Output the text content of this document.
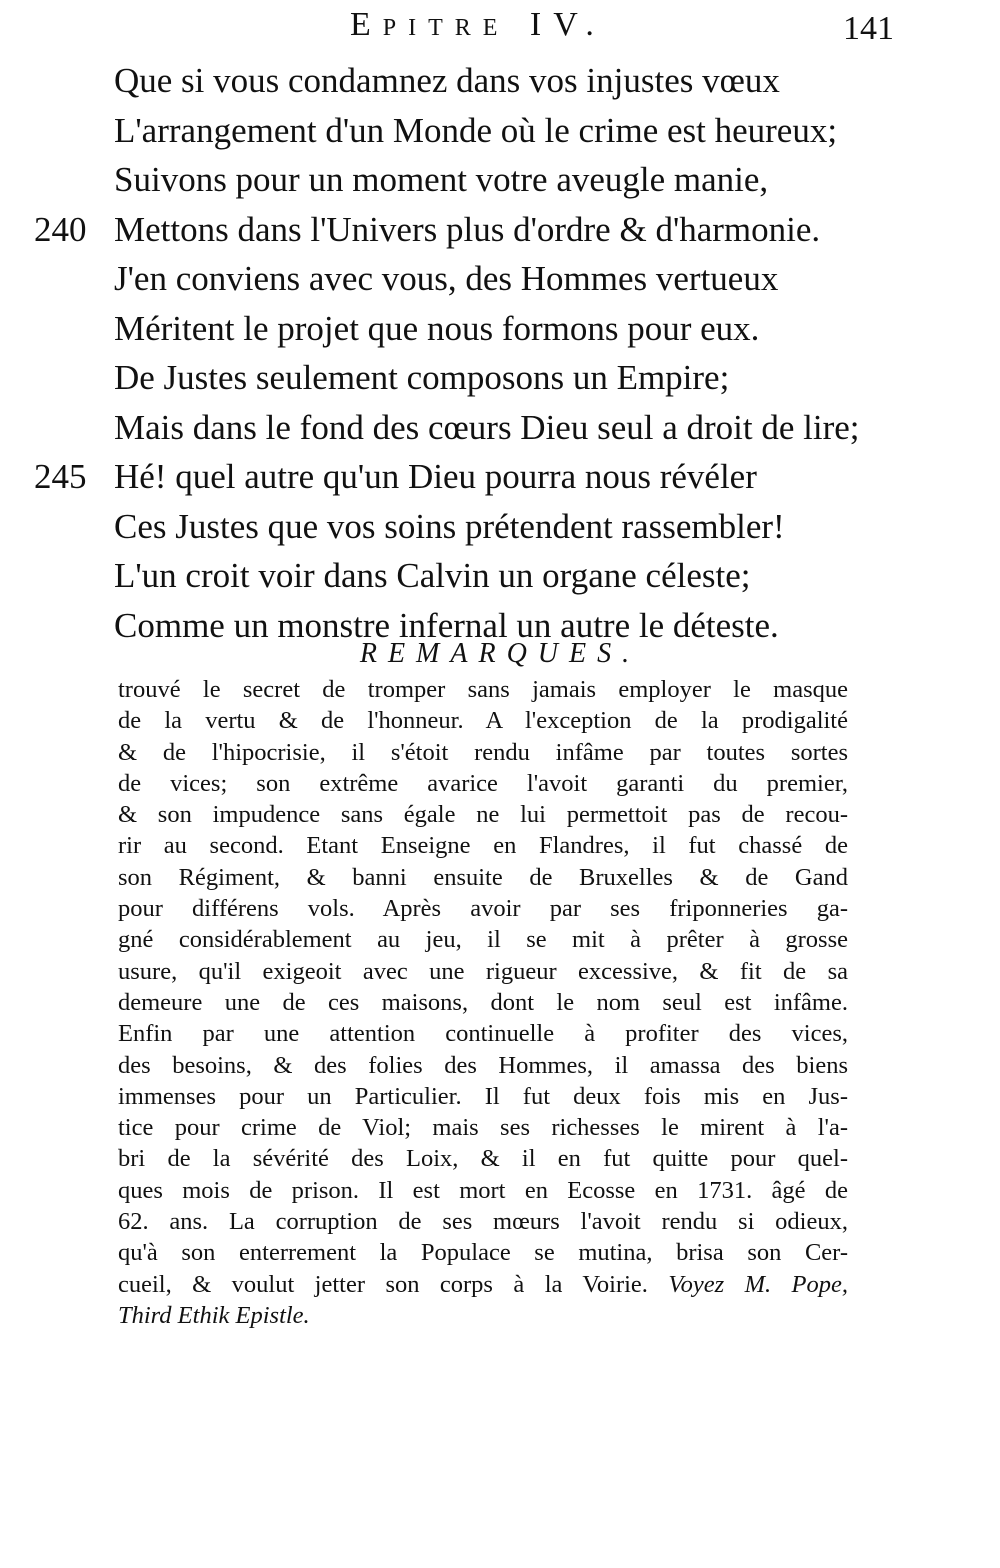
Epitre IV.	141
Que si vous condamnez dans vos injustes vœux
L'arrangement d'un Monde où le crime est heureux;
Suivons pour un moment votre aveugle manie,
240 Mettons dans l'Univers plus d'ordre & d'harmonie.
J'en conviens avec vous, des Hommes vertueux
Méritent le projet que nous formons pour eux.
De Justes seulement composons un Empire;
Mais dans le fond des cœurs Dieu seul a droit de lire;
245 Hé! quel autre qu'un Dieu pourra nous révéler
Ces Justes que vos soins prétendent rassembler!
L'un croit voir dans Calvin un organe céleste;
Comme un monstre infernal un autre le déteste.
REMARQUES.
trouvé le secret de tromper sans jamais employer le masque
de la vertu & de l'honneur. A l'exception de la prodigalité
& de l'hipocrisie, il s'étoit rendu infâme par toutes sortes
de vices; son extrême avarice l'avoit garanti du premier,
& son impudence sans égale ne lui permettoit pas de recou-
rir au second. Etant Enseigne en Flandres, il fut chassé de
son Régiment, & banni ensuite de Bruxelles & de Gand
pour différens vols. Après avoir par ses friponneries ga-
gné considérablement au jeu, il se mit à prêter à grosse
usure, qu'il exigeoit avec une rigueur excessive, & fit de sa
demeure une de ces maisons, dont le nom seul est infâme.
Enfin par une attention continuelle à profiter des vices,
des besoins, & des folies des Hommes, il amassa des biens
immenses pour un Particulier. Il fut deux fois mis en Jus-
tice pour crime de Viol; mais ses richesses le mirent à l'a-
bri de la sévérité des Loix, & il en fut quitte pour quel-
ques mois de prison. Il est mort en Ecosse en 1731. âgé de
62. ans. La corruption de ses mœurs l'avoit rendu si odieux,
qu'à son enterrement la Populace se mutina, brisa son Cer-
cueil, & voulut jetter son corps à la Voirie. Voyez M. Pope,
Third Ethik Epistle.
